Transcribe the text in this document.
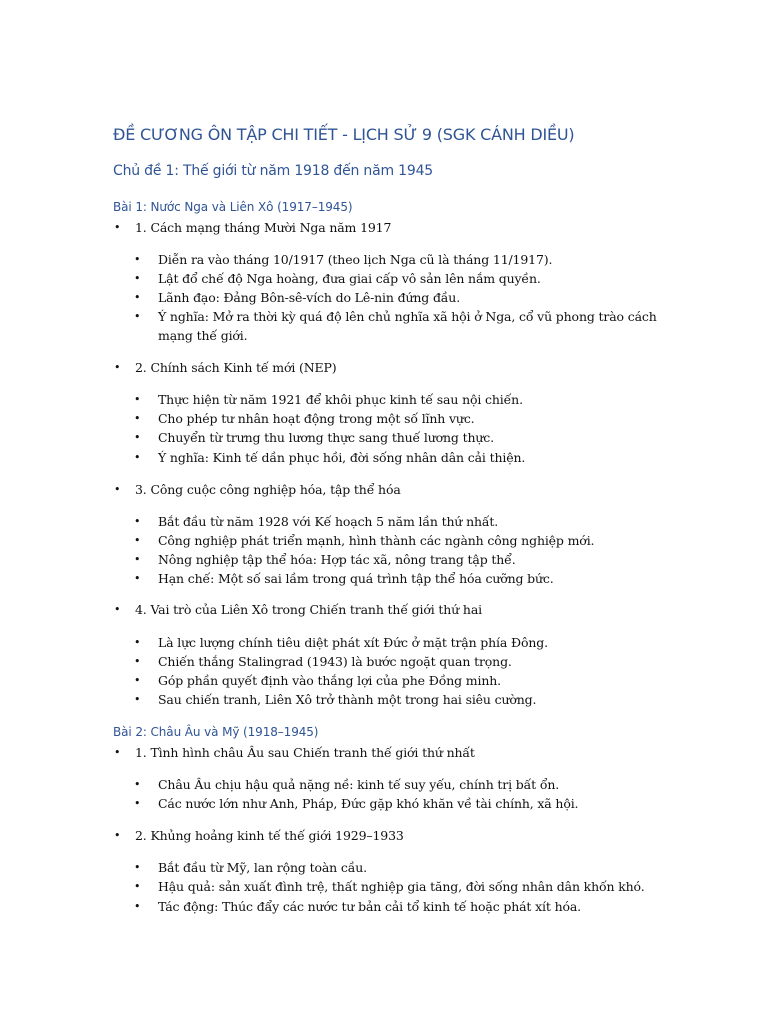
ĐỀ CƯƠNG ÔN TẬP CHI TIẾT - LỊCH SỬ 9 (SGK CÁNH DIỀU)
Chủ đề 1: Thế giới từ năm 1918 đến năm 1945
Bài 1: Nước Nga và Liên Xô (1917–1945)
• 1. Cách mạng tháng Mười Nga năm 1917
• Diễn ra vào tháng 10/1917 (theo lịch Nga cũ là tháng 11/1917).
• Lật đổ chế độ Nga hoàng, đưa giai cấp vô sản lên nắm quyền.
• Lãnh đạo: Đảng Bôn-sê-vích do Lê-nin đứng đầu.
• Ý nghĩa: Mở ra thời kỳ quá độ lên chủ nghĩa xã hội ở Nga, cổ vũ phong trào cách
mạng thế giới.
• 2. Chính sách Kinh tế mới (NEP)
• Thực hiện từ năm 1921 để khôi phục kinh tế sau nội chiến.
• Cho phép tư nhân hoạt động trong một số lĩnh vực.
• Chuyển từ trưng thu lương thực sang thuế lương thực.
• Ý nghĩa: Kinh tế dần phục hồi, đời sống nhân dân cải thiện.
• 3. Công cuộc công nghiệp hóa, tập thể hóa
• Bắt đầu từ năm 1928 với Kế hoạch 5 năm lần thứ nhất.
• Công nghiệp phát triển mạnh, hình thành các ngành công nghiệp mới.
• Nông nghiệp tập thể hóa: Hợp tác xã, nông trang tập thể.
• Hạn chế: Một số sai lầm trong quá trình tập thể hóa cưỡng bức.
• 4. Vai trò của Liên Xô trong Chiến tranh thế giới thứ hai
• Là lực lượng chính tiêu diệt phát xít Đức ở mặt trận phía Đông.
• Chiến thắng Stalingrad (1943) là bước ngoặt quan trọng.
• Góp phần quyết định vào thắng lợi của phe Đồng minh.
• Sau chiến tranh, Liên Xô trở thành một trong hai siêu cường.
Bài 2: Châu Âu và Mỹ (1918–1945)
• 1. Tình hình châu Âu sau Chiến tranh thế giới thứ nhất
• Châu Âu chịu hậu quả nặng nề: kinh tế suy yếu, chính trị bất ổn.
• Các nước lớn như Anh, Pháp, Đức gặp khó khăn về tài chính, xã hội.
• 2. Khủng hoảng kinh tế thế giới 1929–1933
• Bắt đầu từ Mỹ, lan rộng toàn cầu.
• Hậu quả: sản xuất đình trệ, thất nghiệp gia tăng, đời sống nhân dân khốn khó.
• Tác động: Thúc đẩy các nước tư bản cải tổ kinh tế hoặc phát xít hóa.
